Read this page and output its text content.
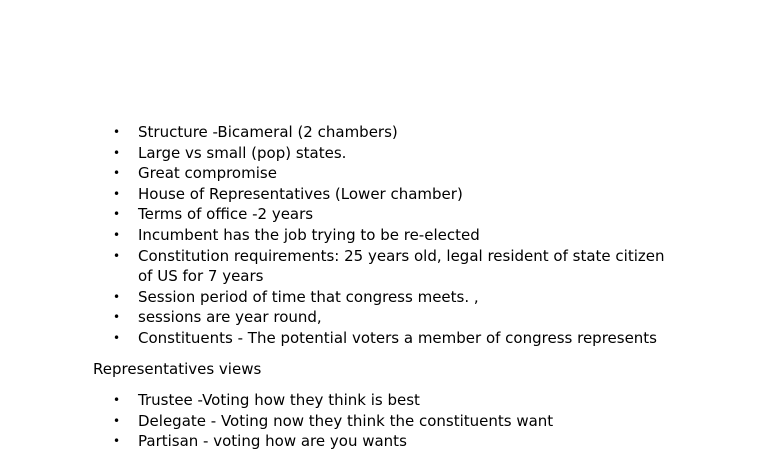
• Structure -Bicameral (2 chambers)
• Large vs small (pop) states.
• Great compromise
• House of Representatives (Lower chamber)
• Terms of office -2 years
• Incumbent has the job trying to be re-elected
• Constitution requirements: 25 years old, legal resident of state citizen
of US for 7 years
• Session period of time that congress meets. ,
• sessions are year round,
• Constituents - The potential voters a member of congress represents
Representatives views
• Trustee -Voting how they think is best
• Delegate - Voting now they think the constituents want
• Partisan - voting how are you wants
